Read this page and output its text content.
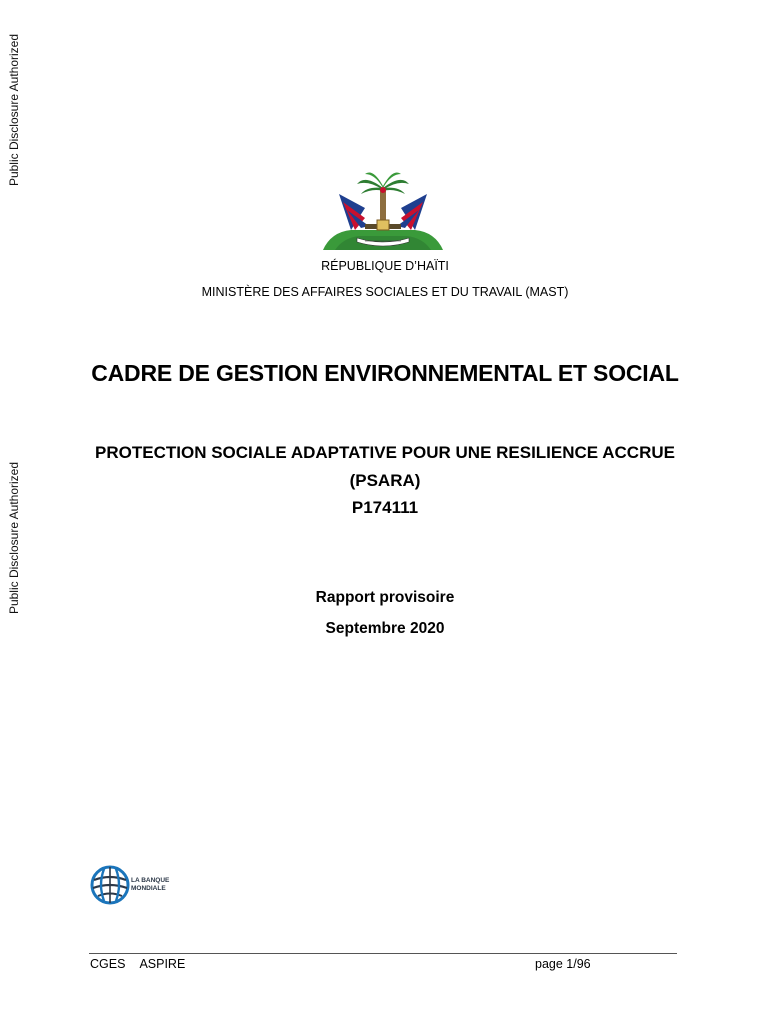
Public Disclosure Authorized
Public Disclosure Authorized
RÉPUBLIQUE D’HAÏTI
MINISTÈRE DES AFFAIRES SOCIALES ET DU TRAVAIL (MAST)
CADRE DE GESTION ENVIRONNEMENTAL ET SOCIAL
PROTECTION SOCIALE ADAPTATIVE POUR UNE RESILIENCE ACCRUE
(PSARA)
P174111
Rapport provisoire
Septembre 2020
LA BANQUE
MONDIALE
CGES ASPIRE	page 1/96
